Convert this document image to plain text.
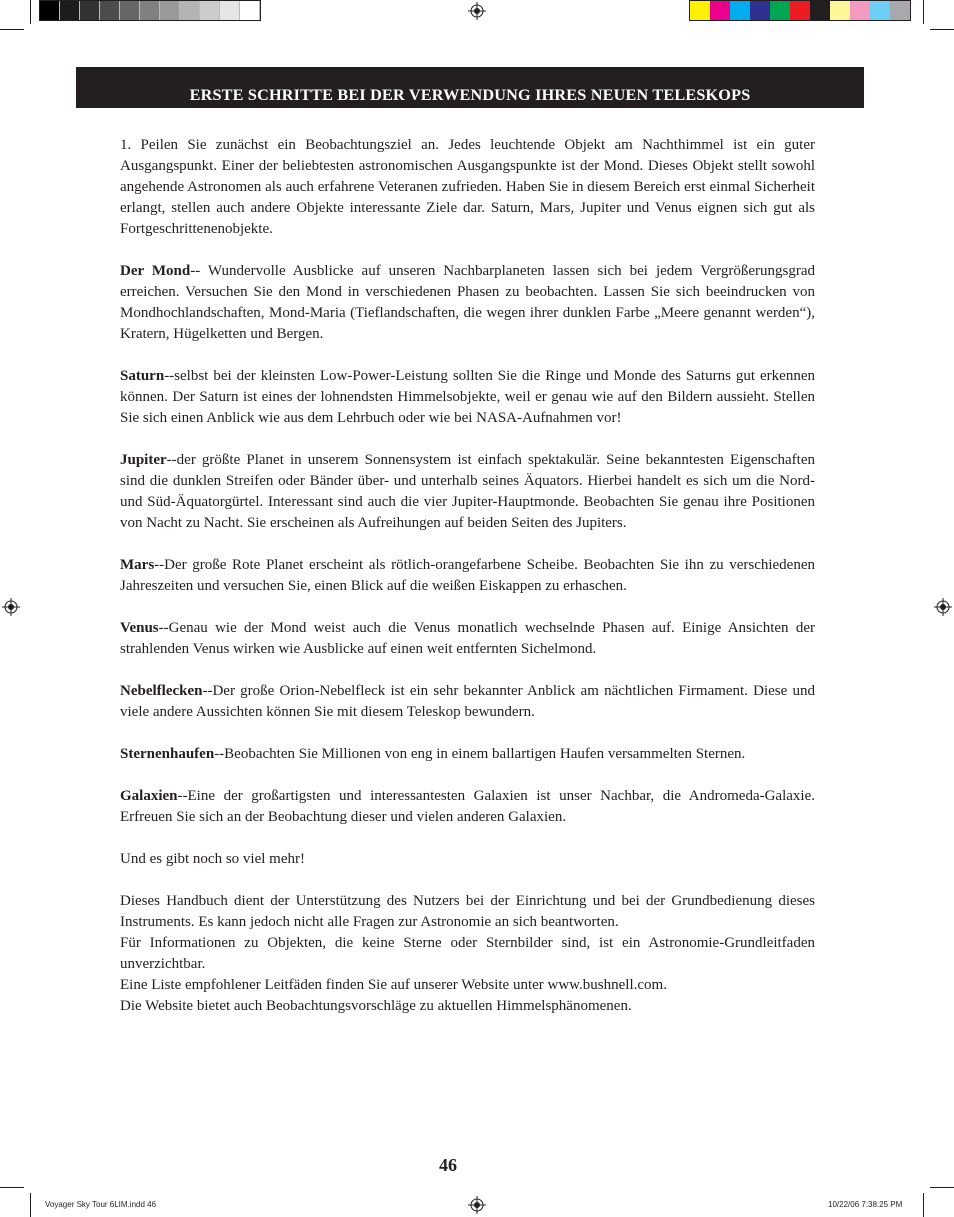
ERSTE SCHRITTE BEI DER VERWENDUNG IHRES NEUEN TELESKOPS

1. Peilen Sie zunächst ein Beobachtungsziel an. Jedes leuchtende Objekt am Nachthimmel ist ein guter Ausgangspunkt. Einer der beliebtesten astronomischen Ausgangspunkte ist der Mond. Dieses Objekt stellt sowohl angehende Astronomen als auch erfahrene Veteranen zufrieden. Haben Sie in diesem Bereich erst einmal Sicherheit erlangt, stellen auch andere Objekte interessante Ziele dar. Saturn, Mars, Jupiter und Venus eignen sich gut als Fortgeschrittenenobjekte.

Der Mond-- Wundervolle Ausblicke auf unseren Nachbarplaneten lassen sich bei jedem Vergrößerungsgrad erreichen. Versuchen Sie den Mond in verschiedenen Phasen zu beobachten. Lassen Sie sich beeindrucken von Mondhochlandschaften, Mond-Maria (Tieflandschaften, die wegen ihrer dunklen Farbe „Meere genannt werden“), Kratern, Hügelketten und Bergen.

Saturn--selbst bei der kleinsten Low-Power-Leistung sollten Sie die Ringe und Monde des Saturns gut erkennen können. Der Saturn ist eines der lohnendsten Himmelsobjekte, weil er genau wie auf den Bildern aussieht. Stellen Sie sich einen Anblick wie aus dem Lehrbuch oder wie bei NASA-Aufnahmen vor!

Jupiter--der größte Planet in unserem Sonnensystem ist einfach spektakulär. Seine bekanntesten Eigenschaften sind die dunklen Streifen oder Bänder über- und unterhalb seines Äquators. Hierbei handelt es sich um die Nord- und Süd-Äquatorgürtel. Interessant sind auch die vier Jupiter-Hauptmonde. Beobachten Sie genau ihre Positionen von Nacht zu Nacht. Sie erscheinen als Aufreihungen auf beiden Seiten des Jupiters.

Mars--Der große Rote Planet erscheint als rötlich-orangefarbene Scheibe. Beobachten Sie ihn zu verschiedenen Jahreszeiten und versuchen Sie, einen Blick auf die weißen Eiskappen zu erhaschen.

Venus--Genau wie der Mond weist auch die Venus monatlich wechselnde Phasen auf. Einige Ansichten der strahlenden Venus wirken wie Ausblicke auf einen weit entfernten Sichelmond.

Nebelflecken--Der große Orion-Nebelfleck ist ein sehr bekannter Anblick am nächtlichen Firmament. Diese und viele andere Aussichten können Sie mit diesem Teleskop bewundern.

Sternenhaufen--Beobachten Sie Millionen von eng in einem ballartigen Haufen versammelten Sternen.

Galaxien--Eine der großartigsten und interessantesten Galaxien ist unser Nachbar, die Andromeda-Galaxie. Erfreuen Sie sich an der Beobachtung dieser und vielen anderen Galaxien.

Und es gibt noch so viel mehr!

Dieses Handbuch dient der Unterstützung des Nutzers bei der Einrichtung und bei der Grundbedienung dieses Instruments. Es kann jedoch nicht alle Fragen zur Astronomie an sich beantworten.

Für Informationen zu Objekten, die keine Sterne oder Sternbilder sind, ist ein Astronomie-Grundleitfaden unverzichtbar.

Eine Liste empfohlener Leitfäden finden Sie auf unserer Website unter www.bushnell.com.

Die Website bietet auch Beobachtungsvorschläge zu aktuellen Himmelsphänomenen.

46
Voyager Sky Tour 6LIM.indd 46	10/22/06 7:38:25 PM
